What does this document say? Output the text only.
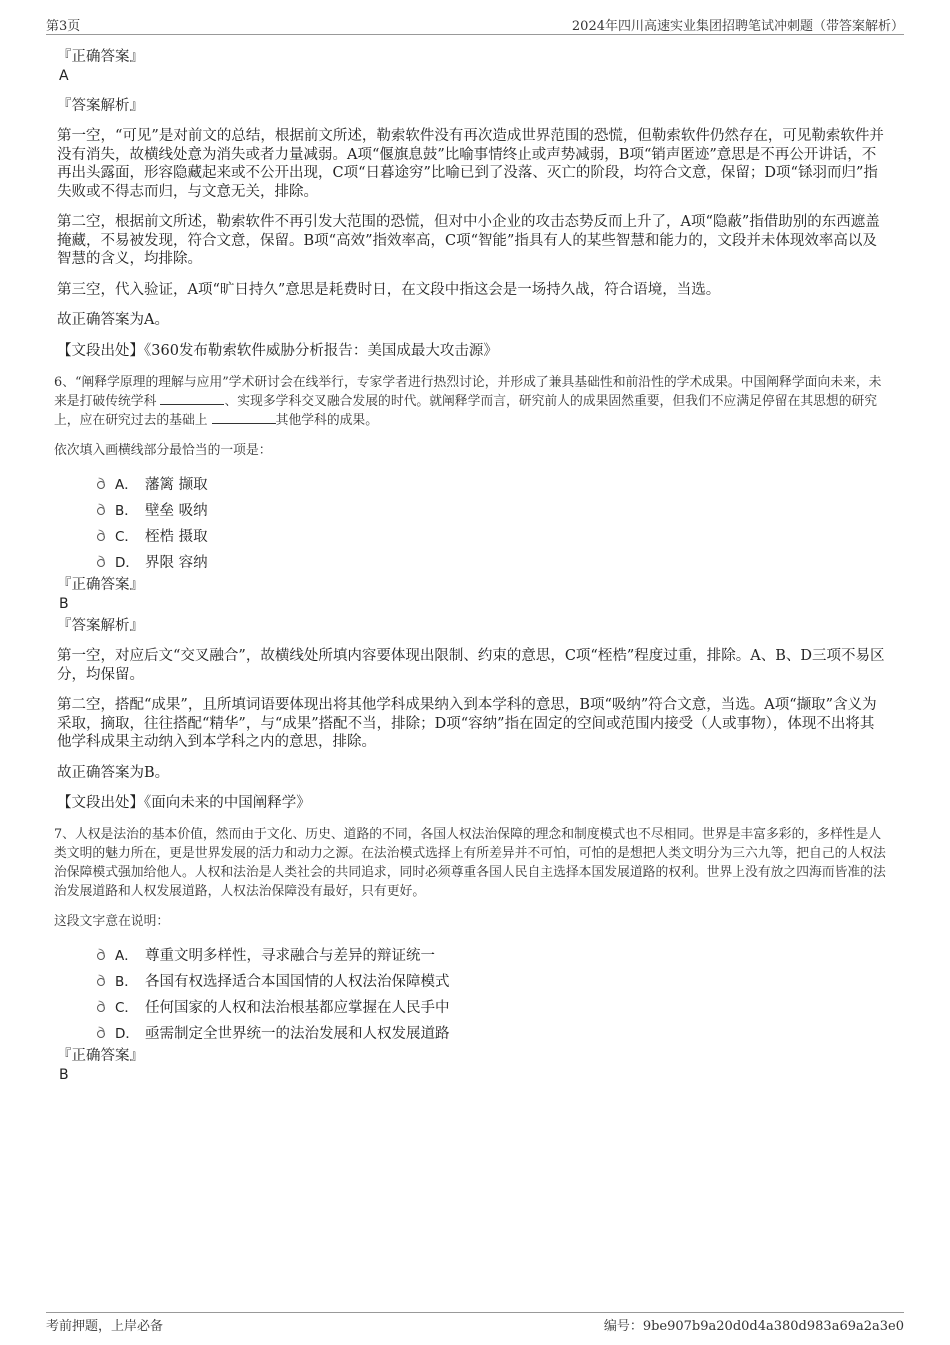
第3页	2024年四川高速实业集团招聘笔试冲刺题（带答案解析）

『正确答案』

A

『答案解析』

第一空，“可见”是对前文的总结，根据前文所述，勒索软件没有再次造成世界范围的恐慌，但勒索软件仍然存在，可见勒索软件并没有消失，故横线处意为消失或者力量减弱。A项“偃旗息鼓”比喻事情终止或声势减弱，B项“销声匿迹”意思是不再公开讲话，不再出头露面，形容隐藏起来或不公开出现，C项“日暮途穷”比喻已到了没落、灭亡的阶段，均符合文意，保留；D项“铩羽而归”指失败或不得志而归，与文意无关，排除。

第二空，根据前文所述，勒索软件不再引发大范围的恐慌，但对中小企业的攻击态势反而上升了，A项“隐蔽”指借助别的东西遮盖掩藏，不易被发现，符合文意，保留。B项“高效”指效率高，C项“智能”指具有人的某些智慧和能力的，文段并未体现效率高以及智慧的含义，均排除。

第三空，代入验证，A项“旷日持久”意思是耗费时日，在文段中指这会是一场持久战，符合语境，当选。

故正确答案为A。

【文段出处】《360发布勒索软件威胁分析报告：美国成最大攻击源》

6、“阐释学原理的理解与应用”学术研讨会在线举行，专家学者进行热烈讨论，并形成了兼具基础性和前沿性的学术成果。中国阐释学面向未来，未来是打破传统学科	、实现多学科交叉融合发展的时代。就阐释学而言，研究前人的成果固然重要，但我们不应满足停留在其思想的研究上，应在研究过去的基础上	其他学科的成果。

依次填入画横线部分最恰当的一项是：

A． 藩篱 撷取
B． 壁垒 吸纳
C． 桎梏 摄取
D． 界限 容纳

『正确答案』

B

『答案解析』

第一空，对应后文“交叉融合”，故横线处所填内容要体现出限制、约束的意思，C项“桎梏”程度过重，排除。A、B、D三项不易区分，均保留。

第二空，搭配“成果”，且所填词语要体现出将其他学科成果纳入到本学科的意思，B项“吸纳”符合文意，当选。A项“撷取”含义为采取，摘取，往往搭配“精华”，与“成果”搭配不当，排除；D项“容纳”指在固定的空间或范围内接受（人或事物），体现不出将其他学科成果主动纳入到本学科之内的意思，排除。

故正确答案为B。

【文段出处】《面向未来的中国阐释学》

7、人权是法治的基本价值，然而由于文化、历史、道路的不同，各国人权法治保障的理念和制度模式也不尽相同。世界是丰富多彩的，多样性是人类文明的魅力所在，更是世界发展的活力和动力之源。在法治模式选择上有所差异并不可怕，可怕的是想把人类文明分为三六九等，把自己的人权法治保障模式强加给他人。人权和法治是人类社会的共同追求，同时必须尊重各国人民自主选择本国发展道路的权利。世界上没有放之四海而皆准的法治发展道路和人权发展道路，人权法治保障没有最好，只有更好。

这段文字意在说明：

A． 尊重文明多样性，寻求融合与差异的辩证统一
B． 各国有权选择适合本国国情的人权法治保障模式
C． 任何国家的人权和法治根基都应掌握在人民手中
D． 亟需制定全世界统一的法治发展和人权发展道路

『正确答案』

B

考前押题，上岸必备	编号：9be907b9a20d0d4a380d983a69a2a3e0
